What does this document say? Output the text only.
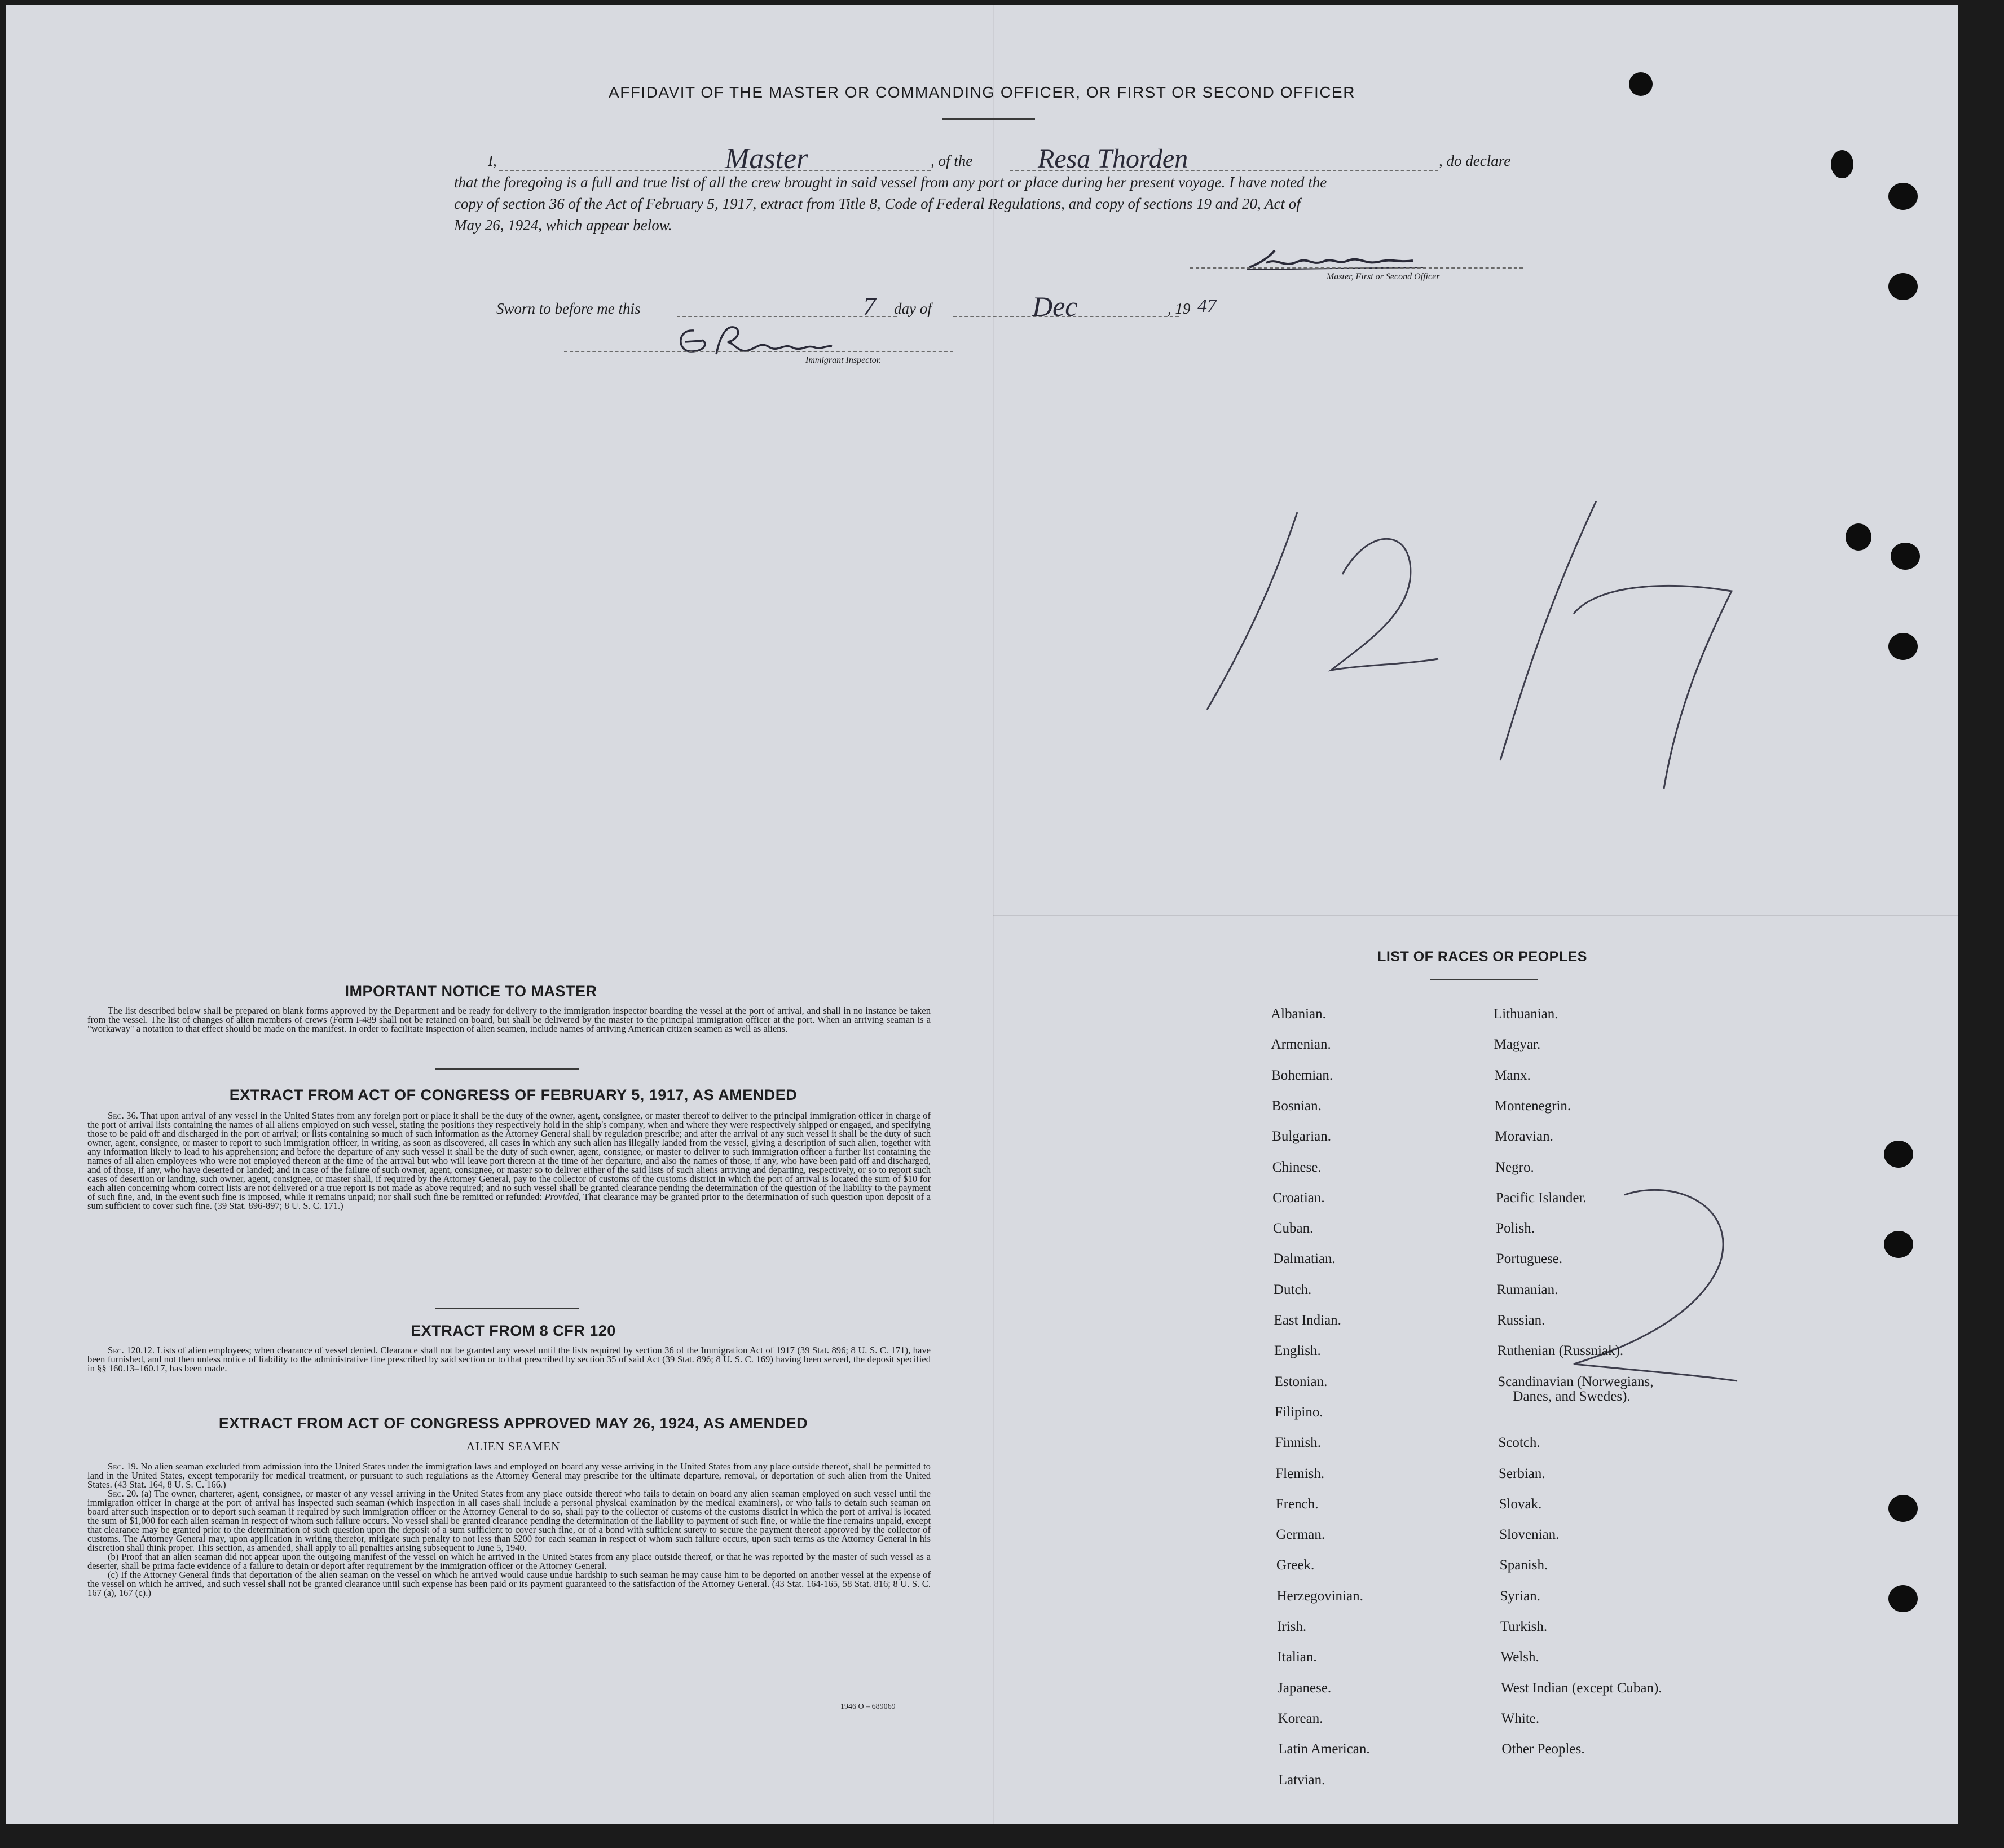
AFFIDAVIT OF THE MASTER OR COMMANDING OFFICER, OR FIRST OR SECOND OFFICER
I,	Master	, of the Resa Thorden	, do declare
that the foregoing is a full and true list of all the crew brought in said vessel from any port or place during her present voyage. I have noted the
copy of section 36 of the Act of February 5, 1917, extract from Title 8, Code of Federal Regulations, and copy of sections 19 and 20, Act of
May 26, 1924, which appear below.
Master, First or Second Officer
Sworn to before me this	7 day of	Dec	, 19 47
Immigrant Inspector.
IMPORTANT NOTICE TO MASTER

The list described below shall be prepared on blank forms approved by the Department and be ready for delivery to the immigration inspector boarding the vessel at the port of arrival, and shall in no instance be taken from the vessel. The list of changes of alien members of crews (Form I-489 shall not be retained on board, but shall be delivered by the master to the principal immigration officer at the port. When an arriving seaman is a "workaway" a notation to that effect should be made on the manifest. In order to facilitate inspection of alien seamen, include names of arriving American citizen seamen as well as aliens.

EXTRACT FROM ACT OF CONGRESS OF FEBRUARY 5, 1917, AS AMENDED

Sec. 36. That upon arrival of any vessel in the United States from any foreign port or place it shall be the duty of the owner, agent, consignee, or master thereof to deliver to the principal immigration officer in charge of the port of arrival lists containing the names of all aliens employed on such vessel, stating the positions they respectively hold in the ship's company, when and where they were respectively shipped or engaged, and specifying those to be paid off and discharged in the port of arrival; or lists containing so much of such information as the Attorney General shall by regulation prescribe; and after the arrival of any such vessel it shall be the duty of such owner, agent, consignee, or master to report to such immigration officer, in writing, as soon as discovered, all cases in which any such alien has illegally landed from the vessel, giving a description of such alien, together with any information likely to lead to his apprehension; and before the departure of any such vessel it shall be the duty of such owner, agent, consignee, or master to deliver to such immigration officer a further list containing the names of all alien employees who were not employed thereon at the time of the arrival but who will leave port thereon at the time of her departure, and also the names of those, if any, who have been paid off and discharged, and of those, if any, who have deserted or landed; and in case of the failure of such owner, agent, consignee, or master so to deliver either of the said lists of such aliens arriving and departing, respectively, or so to report such cases of desertion or landing, such owner, agent, consignee, or master shall, if required by the Attorney General, pay to the collector of customs of the customs district in which the port of arrival is located the sum of $10 for each alien concerning whom correct lists are not delivered or a true report is not made as above required; and no such vessel shall be granted clearance pending the determination of the question of the liability to the payment of such fine, and, in the event such fine is imposed, while it remains unpaid; nor shall such fine be remitted or refunded: Provided, That clearance may be granted prior to the determination of such question upon deposit of a sum sufficient to cover such fine. (39 Stat. 896-897; 8 U. S. C. 171.)

EXTRACT FROM 8 CFR 120

Sec. 120.12. Lists of alien employees; when clearance of vessel denied. Clearance shall not be granted any vessel until the lists required by section 36 of the Immigration Act of 1917 (39 Stat. 896; 8 U. S. C. 171), have been furnished, and not then unless notice of liability to the administrative fine prescribed by said section or to that prescribed by section 35 of said Act (39 Stat. 896; 8 U. S. C. 169) having been served, the deposit specified in §§ 160.13–160.17, has been made.

EXTRACT FROM ACT OF CONGRESS APPROVED MAY 26, 1924, AS AMENDED
ALIEN SEAMEN

Sec. 19. No alien seaman excluded from admission into the United States under the immigration laws and employed on board any vesse arriving in the United States from any place outside thereof, shall be permitted to land in the United States, except temporarily for medical treatment, or pursuant to such regulations as the Attorney General may prescribe for the ultimate departure, removal, or deportation of such alien from the United States. (43 Stat. 164, 8 U. S. C. 166.)

Sec. 20. (a) The owner, charterer, agent, consignee, or master of any vessel arriving in the United States from any place outside thereof who fails to detain on board any alien seaman employed on such vessel until the immigration officer in charge at the port of arrival has inspected such seaman (which inspection in all cases shall include a personal physical examination by the medical examiners), or who fails to detain such seaman on board after such inspection or to deport such seaman if required by such immigration officer or the Attorney General to do so, shall pay to the collector of customs of the customs district in which the port of arrival is located the sum of $1,000 for each alien seaman in respect of whom such failure occurs. No vessel shall be granted clearance pending the determination of the liability to payment of such fine, or while the fine remains unpaid, except that clearance may be granted prior to the determination of such question upon the deposit of a sum sufficient to cover such fine, or of a bond with sufficient surety to secure the payment thereof approved by the collector of customs. The Attorney General may, upon application in writing therefor, mitigate such penalty to not less than $200 for each seaman in respect of whom such failure occurs, upon such terms as the Attorney General in his discretion shall think proper. This section, as amended, shall apply to all penalties arising subsequent to June 5, 1940.

(b) Proof that an alien seaman did not appear upon the outgoing manifest of the vessel on which he arrived in the United States from any place outside thereof, or that he was reported by the master of such vessel as a deserter, shall be prima facie evidence of a failure to detain or deport after requirement by the immigration officer or the Attorney General.

(c) If the Attorney General finds that deportation of the alien seaman on the vessel on which he arrived would cause undue hardship to such seaman he may cause him to be deported on another vessel at the expense of the vessel on which he arrived, and such vessel shall not be granted clearance until such expense has been paid or its payment guaranteed to the satisfaction of the Attorney General. (43 Stat. 164-165, 58 Stat. 816; 8 U. S. C. 167 (a), 167 (c).)

1946 O – 689069
LIST OF RACES OR PEOPLES
Albanian.
Armenian.
Bohemian.
Bosnian.
Bulgarian.
Chinese.
Croatian.
Cuban.
Dalmatian.
Dutch.
East Indian.
English.
Estonian.
Filipino.
Finnish.
Flemish.
French.
German.
Greek.
Herzegovinian.
Irish.
Italian.
Japanese.
Korean.
Latin American.
Latvian.
Lithuanian.
Magyar.
Manx.
Montenegrin.
Moravian.
Negro.
Pacific Islander.
Polish.
Portuguese.
Rumanian.
Russian.
Ruthenian (Russniak).
Scandinavian (Norwegians,
Danes, and Swedes).
Scotch.
Serbian.
Slovak.
Slovenian.
Spanish.
Syrian.
Turkish.
Welsh.
West Indian (except Cuban).
White.
Other Peoples.
